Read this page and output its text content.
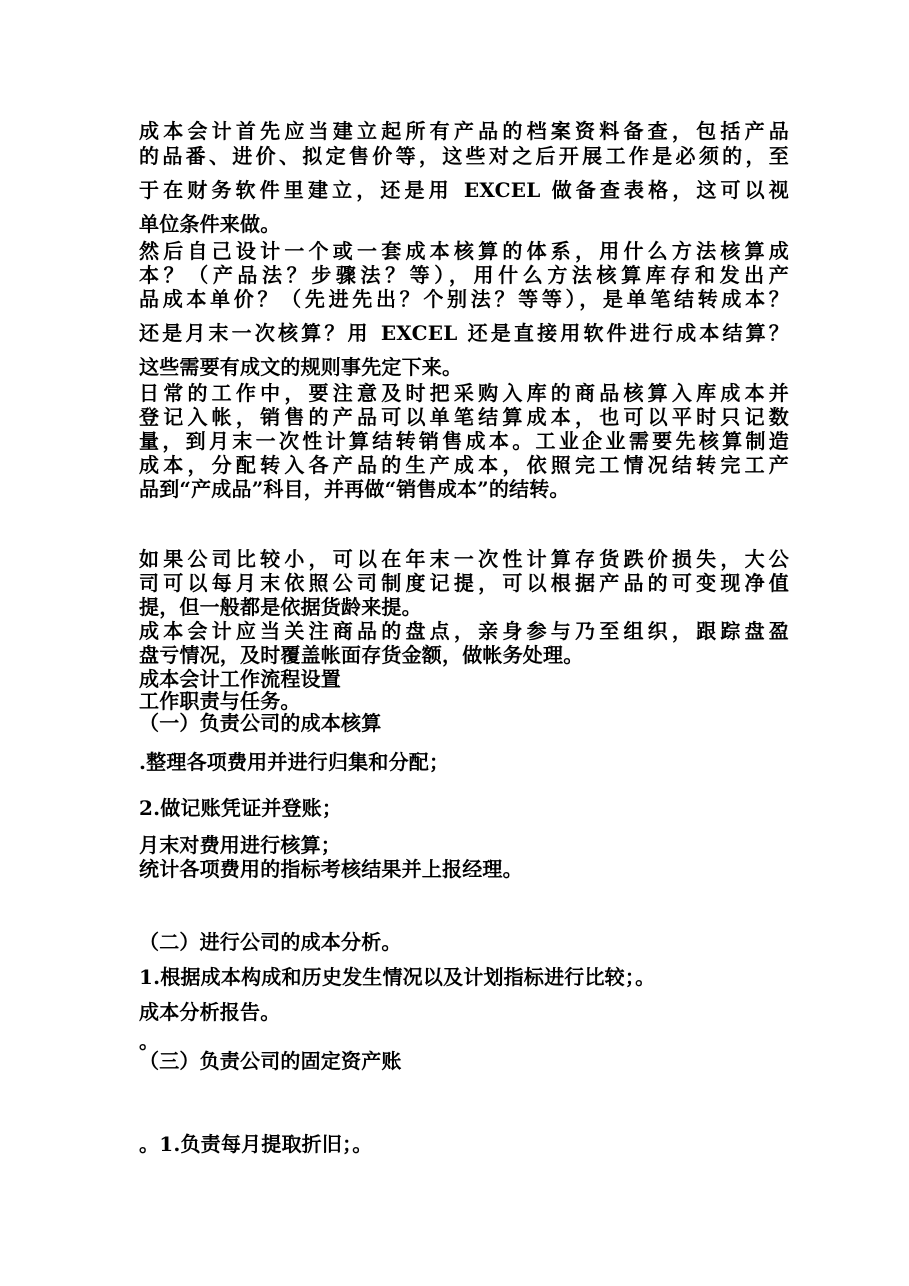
成本会计首先应当建立起所有产品的档案资料备查，包括产品
的品番、进价、拟定售价等，这些对之后开展工作是必须的，至
于在财务软件里建立，还是用 EXCEL 做备查表格，这可以视
单位条件来做。
然后自己设计一个或一套成本核算的体系，用什么方法核算成
本？（产品法？步骤法？等），用什么方法核算库存和发出产
品成本单价？（先进先出？个别法？等等），是单笔结转成本？
还是月末一次核算？用 EXCEL 还是直接用软件进行成本结算？
这些需要有成文的规则事先定下来。
日常的工作中，要注意及时把采购入库的商品核算入库成本并
登记入帐，销售的产品可以单笔结算成本，也可以平时只记数
量，到月末一次性计算结转销售成本。工业企业需要先核算制造
成本，分配转入各产品的生产成本，依照完工情况结转完工产
品到“产成品”科目，并再做“销售成本”的结转。
如果公司比较小，可以在年末一次性计算存货跌价损失，大公
司可以每月末依照公司制度记提，可以根据产品的可变现净值
提，但一般都是依据货龄来提。
成本会计应当关注商品的盘点，亲身参与乃至组织，跟踪盘盈
盘亏情况，及时覆盖帐面存货金额，做帐务处理。
成本会计工作流程设置
工作职责与任务。
（一）负责公司的成本核算
.整理各项费用并进行归集和分配；
2.做记账凭证并登账；
月末对费用进行核算；
统计各项费用的指标考核结果并上报经理。
（二）进行公司的成本分析。
1.根据成本构成和历史发生情况以及计划指标进行比较；。
成本分析报告。
。
（三）负责公司的固定资产账
。1.负责每月提取折旧；。
